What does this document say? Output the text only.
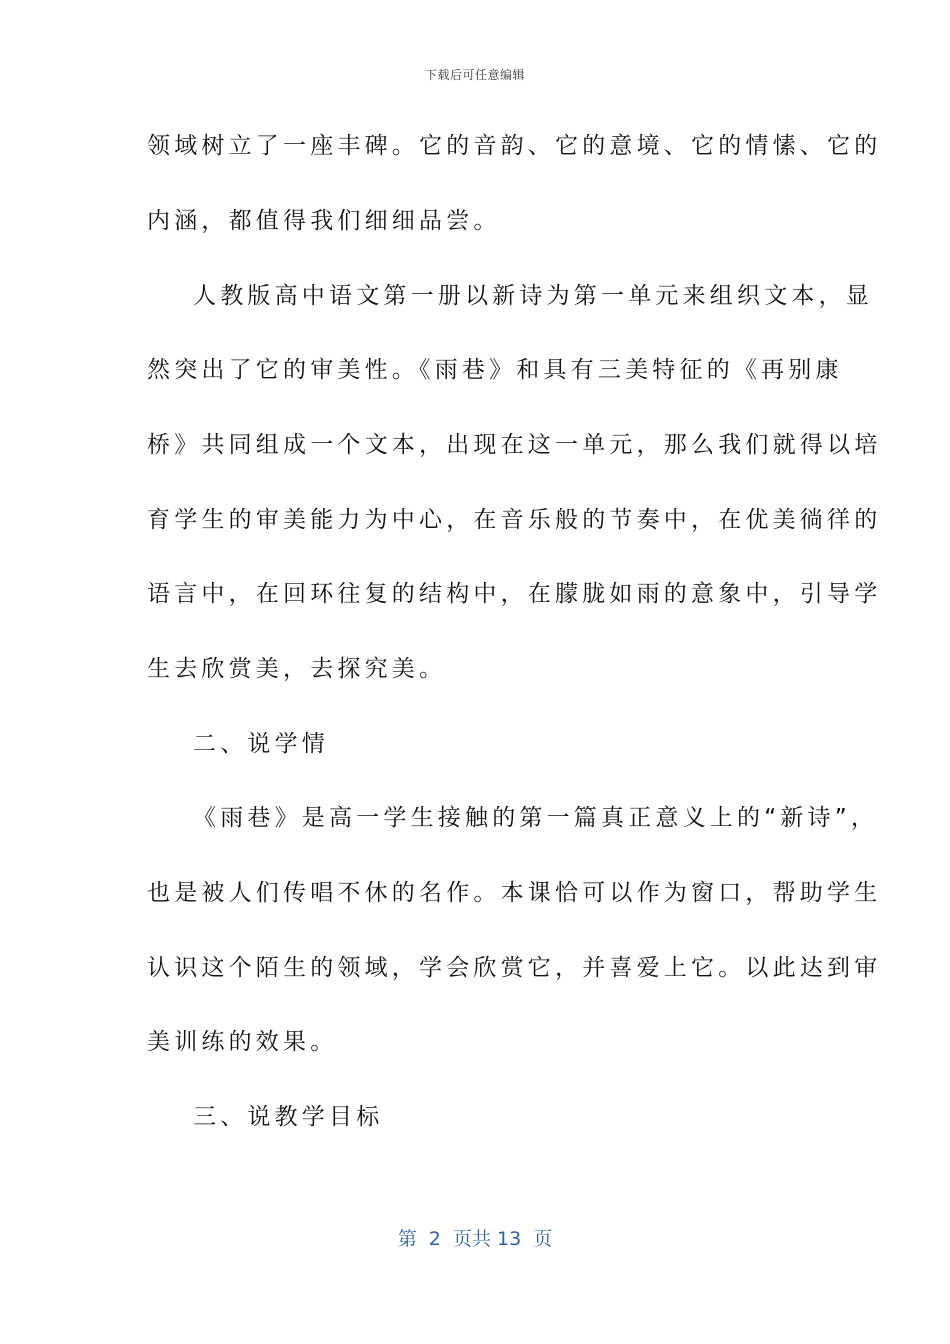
下载后可任意编辑
领域树立了一座丰碑。它的音韵、它的意境、它的情愫、它的
内涵，都值得我们细细品尝。
人教版高中语文第一册以新诗为第一单元来组织文本，显
然突出了它的审美性。《雨巷》和具有三美特征的《再别康
桥》共同组成一个文本，出现在这一单元，那么我们就得以培
育学生的审美能力为中心，在音乐般的节奏中，在优美徜徉的
语言中，在回环往复的结构中，在朦胧如雨的意象中，引导学
生去欣赏美，去探究美。
二、说学情
《雨巷》是高一学生接触的第一篇真正意义上的“新诗”，
也是被人们传唱不休的名作。本课恰可以作为窗口，帮助学生
认识这个陌生的领域，学会欣赏它，并喜爱上它。以此达到审
美训练的效果。
三、说教学目标
第  2  页共 13  页
